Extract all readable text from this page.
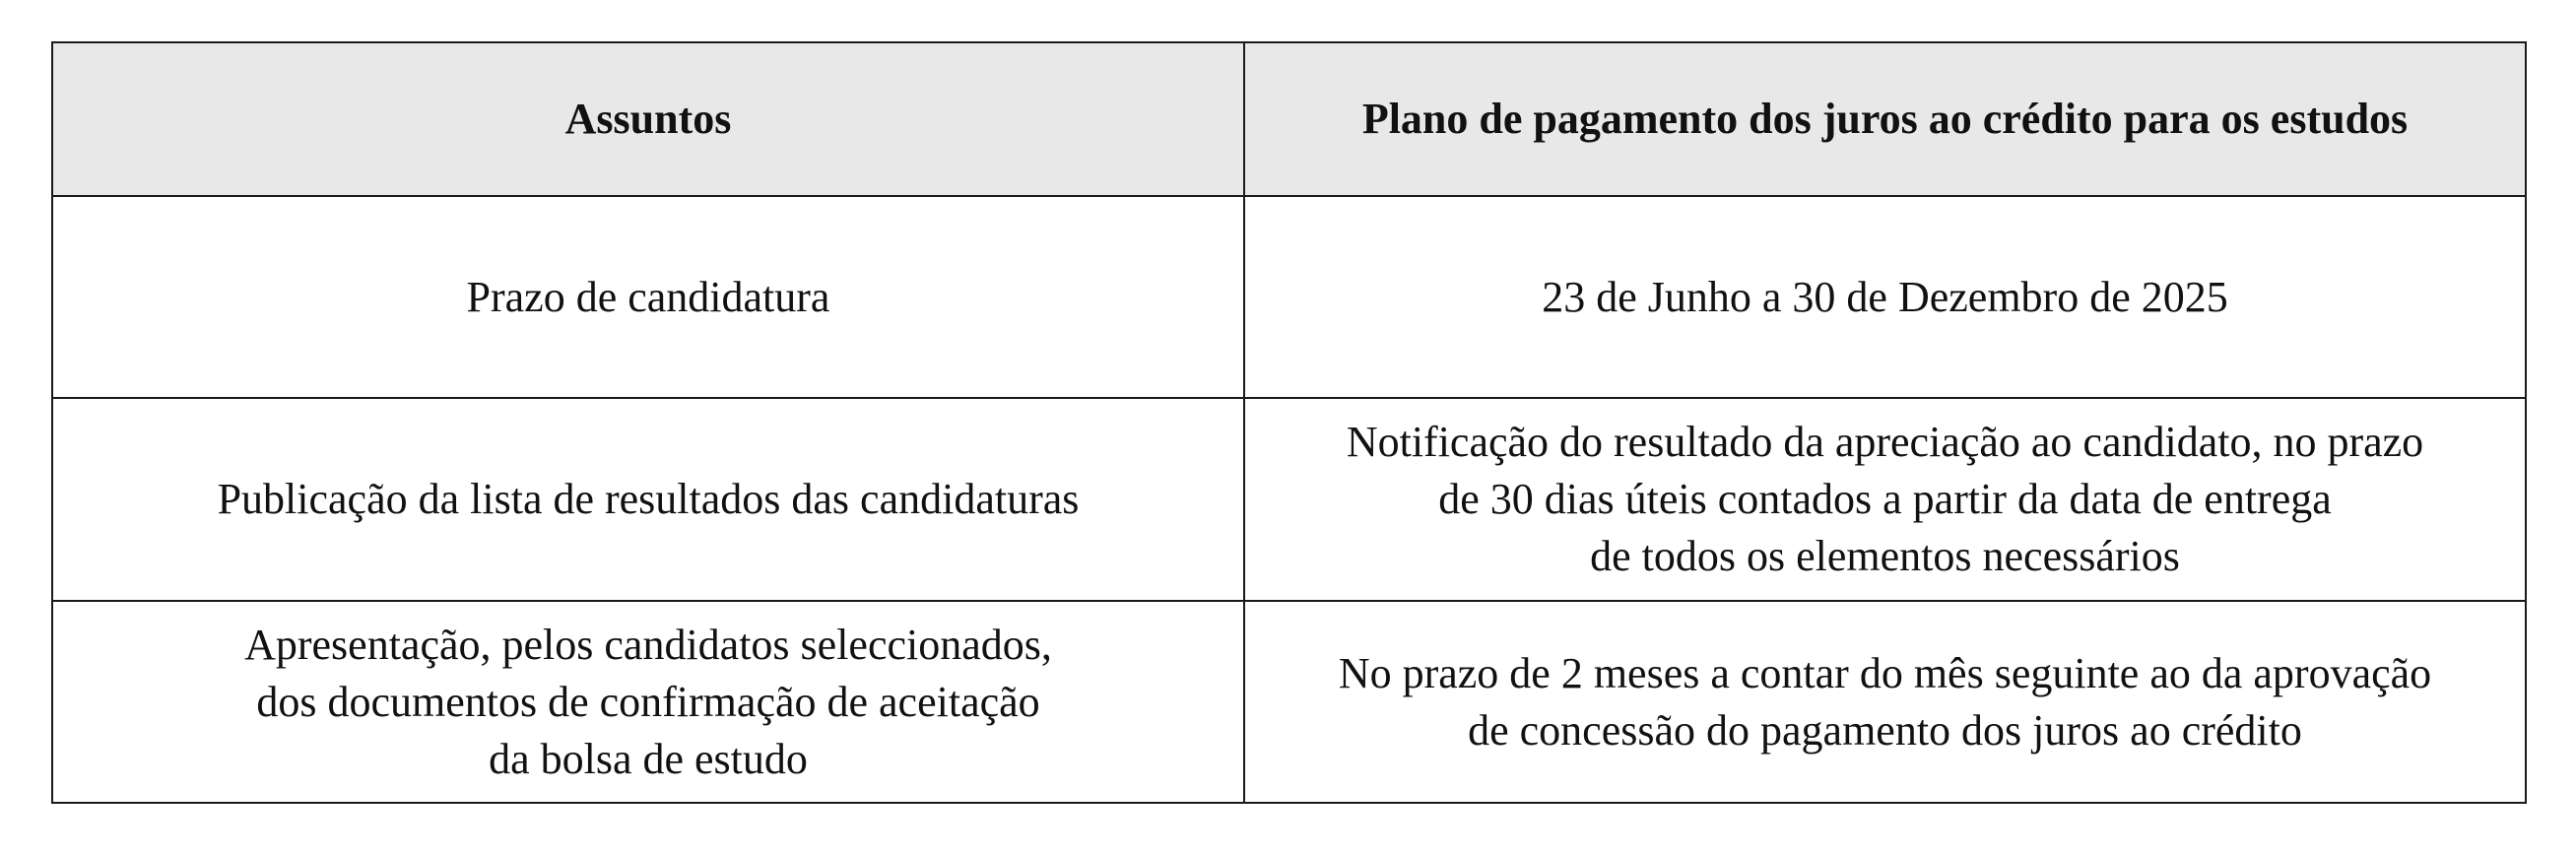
Assuntos	Plano de pagamento dos juros ao crédito para os estudos

Prazo de candidatura	23 de Junho a 30 de Dezembro de 2025

Publicação da lista de resultados das candidaturas	Notificação do resultado da apreciação ao candidato, no prazo
de 30 dias úteis contados a partir da data de entrega
de todos os elementos necessários

Apresentação, pelos candidatos seleccionados,
dos documentos de confirmação de aceitação
da bolsa de estudo	No prazo de 2 meses a contar do mês seguinte ao da aprovação
de concessão do pagamento dos juros ao crédito
